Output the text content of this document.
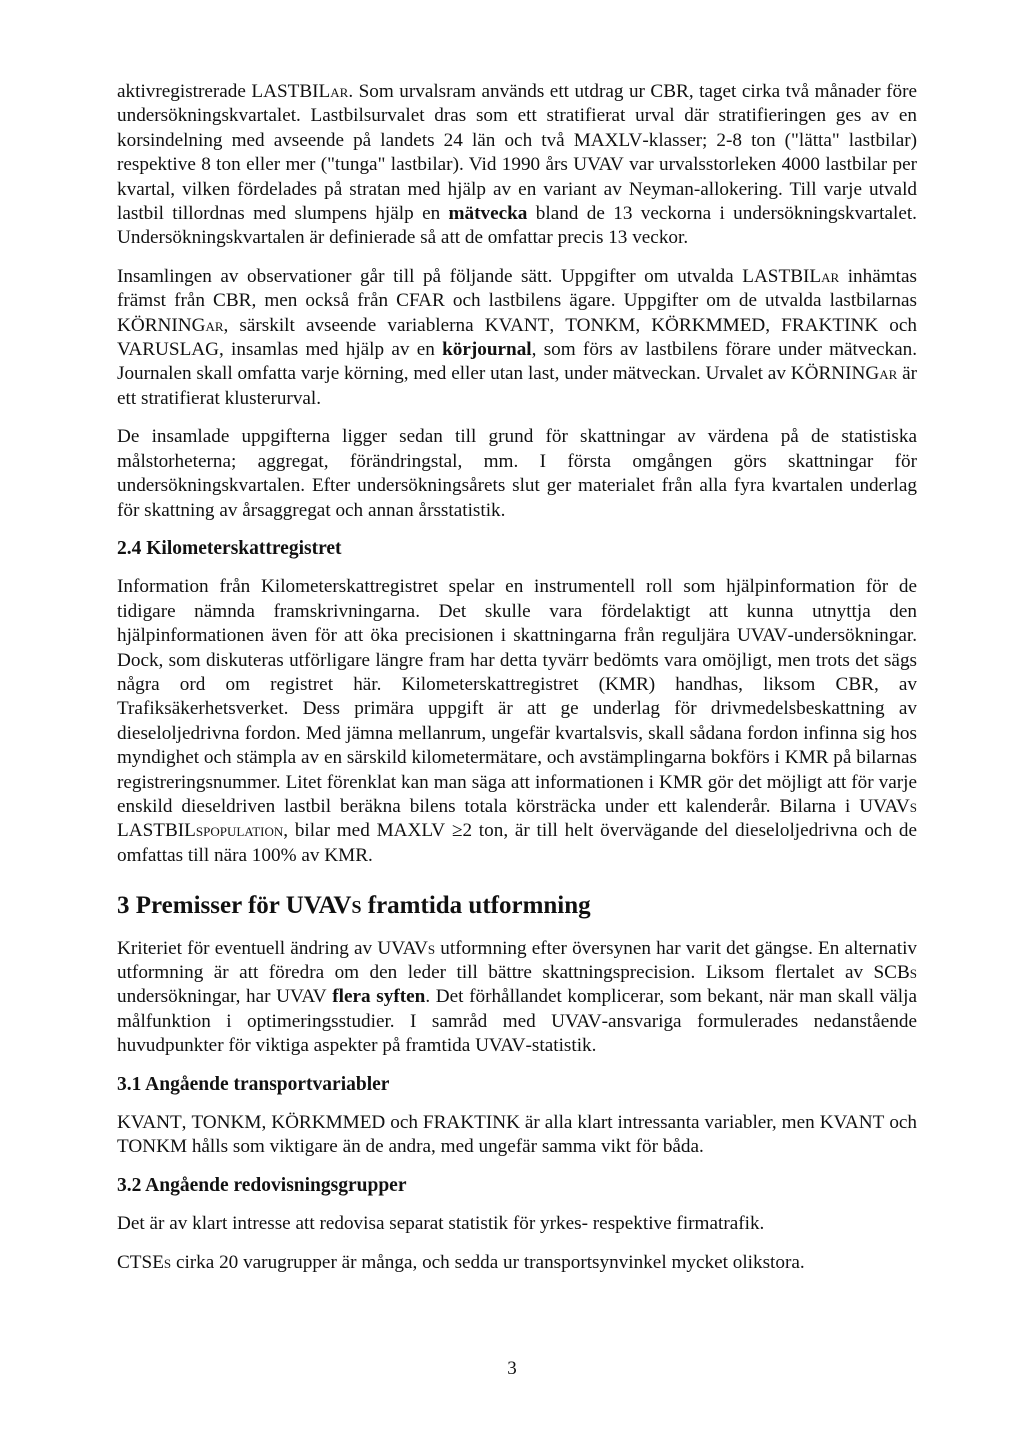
aktivregistrerade LASTBILar. Som urvalsram används ett utdrag ur CBR, taget cirka två månader före undersökningskvartalet. Lastbilsurvalet dras som ett stratifierat urval där stratifieringen ges av en korsindelning med avseende på landets 24 län och två MAXLV-klasser; 2-8 ton ("lätta" lastbilar) respektive 8 ton eller mer ("tunga" lastbilar). Vid 1990 års UVAV var urvalsstorleken 4000 lastbilar per kvartal, vilken fördelades på stratan med hjälp av en variant av Neyman-allokering. Till varje utvald lastbil tillordnas med slumpens hjälp en mätvecka bland de 13 veckorna i undersökningskvartalet. Undersökningskvartalen är definierade så att de omfattar precis 13 veckor.

Insamlingen av observationer går till på följande sätt. Uppgifter om utvalda LASTBILar inhämtas främst från CBR, men också från CFAR och lastbilens ägare. Uppgifter om de utvalda lastbilarnas KÖRNINGar, särskilt avseende variablerna KVANT, TONKM, KÖRKMMED, FRAKTINK och VARUSLAG, insamlas med hjälp av en körjournal, som förs av lastbilens förare under mätveckan. Journalen skall omfatta varje körning, med eller utan last, under mätveckan. Urvalet av KÖRNINGar är ett stratifierat klusterurval.

De insamlade uppgifterna ligger sedan till grund för skattningar av värdena på de statistiska målstorheterna; aggregat, förändringstal, mm. I första omgången görs skattningar för undersökningskvartalen. Efter undersökningsårets slut ger materialet från alla fyra kvartalen underlag för skattning av årsaggregat och annan årsstatistik.

2.4 Kilometerskattregistret

Information från Kilometerskattregistret spelar en instrumentell roll som hjälpinformation för de tidigare nämnda framskrivningarna. Det skulle vara fördelaktigt att kunna utnyttja den hjälpinformationen även för att öka precisionen i skattningarna från reguljära UVAV-undersökningar. Dock, som diskuteras utförligare längre fram har detta tyvärr bedömts vara omöjligt, men trots det sägs några ord om registret här. Kilometerskattregistret (KMR) handhas, liksom CBR, av Trafiksäkerhetsverket. Dess primära uppgift är att ge underlag för drivmedelsbeskattning av dieseloljedrivna fordon. Med jämna mellanrum, ungefär kvartalsvis, skall sådana fordon infinna sig hos myndighet och stämpla av en särskild kilometermätare, och avstämplingarna bokförs i KMR på bilarnas registreringsnummer. Litet förenklat kan man säga att informationen i KMR gör det möjligt att för varje enskild dieseldriven lastbil beräkna bilens totala körsträcka under ett kalenderår. Bilarna i UVAVs LASTBILspopulation, bilar med MAXLV ≥2 ton, är till helt övervägande del dieseloljedrivna och de omfattas till nära 100% av KMR.

3 Premisser för UVAVs framtida utformning

Kriteriet för eventuell ändring av UVAVs utformning efter översynen har varit det gängse. En alternativ utformning är att föredra om den leder till bättre skattningsprecision. Liksom flertalet av SCBs undersökningar, har UVAV flera syften. Det förhållandet komplicerar, som bekant, när man skall välja målfunktion i optimeringsstudier. I samråd med UVAV-ansvariga formulerades nedanstående huvudpunkter för viktiga aspekter på framtida UVAV-statistik.

3.1 Angående transportvariabler

KVANT, TONKM, KÖRKMMED och FRAKTINK är alla klart intressanta variabler, men KVANT och TONKM hålls som viktigare än de andra, med ungefär samma vikt för båda.

3.2 Angående redovisningsgrupper

Det är av klart intresse att redovisa separat statistik för yrkes- respektive firmatrafik.

CTSEs cirka 20 varugrupper är många, och sedda ur transportsynvinkel mycket olikstora.

3
